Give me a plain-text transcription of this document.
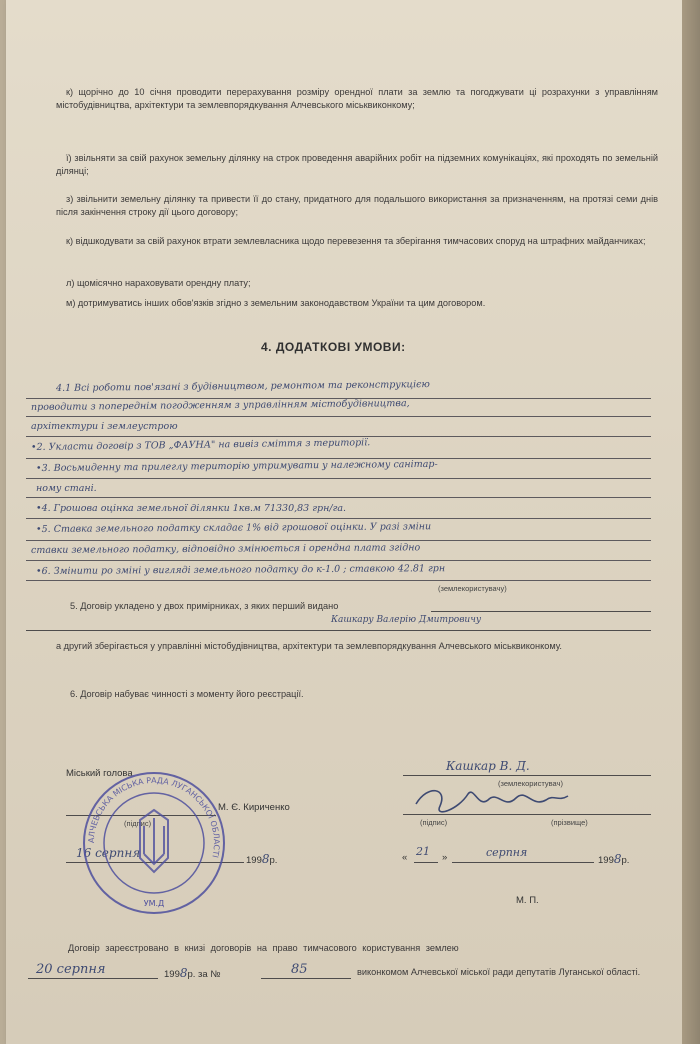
к) щорічно до 10 січня проводити перерахування розміру орендної плати за землю та погоджувати ці розрахунки з управлінням містобудівництва, архітектури та землевпорядкування Алчевського міськвиконкому;
ї) звільняти за свій рахунок земельну ділянку на строк проведення аварійних робіт на підземних комунікаціях, які проходять по земельній ділянці;
з) звільнити земельну ділянку та привести її до стану, придатного для подальшого використання за призначенням, на протязі семи днів після закінчення строку дії цього договору;
к) відшкодувати за свій рахунок втрати землевласника щодо перевезення та зберігання тимчасових споруд на штрафних майданчиках;
л) щомісячно нараховувати орендну плату;
м) дотримуватись інших обов'язків згідно з земельним законодавством України та цим договором.
4. ДОДАТКОВІ УМОВИ:
4.1 Всі роботи пов'язані з будівництвом, ремонтом та реконструкцією
проводити з попереднім погодженням з управлінням містобудівництва,
архітектури і землеустрою
•2. Укласти договір з ТОВ „ФАУНА" на вивіз сміття з території.
•3. Восьмиденну та прилеглу територію утримувати у належному санітар-
ному стані.
•4. Грошова оцінка земельної ділянки 1кв.м 71330,83 грн/га.
•5. Ставка земельного податку складає 1% від грошової оцінки. У разі зміни
ставки земельного податку, відповідно змінюється і орендна плата згідно
•6. Змінити ро зміні у вигляді земельного податку до к-1.0 ; ставкою 42.81 грн
5. Договір укладено у двох примірниках, з яких перший видано
Кашкару Валерію Дмитровичу
(землекористувачу)
а другий зберігається у управлінні містобудівництва, архітектури та землевпорядкування Алчевського міськвиконкому.
6. Договір набуває чинності з моменту його реєстрації.
Міський голова
М. Є. Кириченко
(підпис)
16 серпня
1998р.
АЛЧЕВСЬКА МІСЬКА РАДА ЛУГАНСЬКОЇ ОБЛАСТІ
УМ.Д
Кашкар В. Д.
(землекористувач)
(підпис)	(прізвище)
« 21 »	серпня
1998р.
М. П.
Договір зареєстровано в книзі договорів на право тимчасового користування землею
20 серпня	1998р. за №	85	виконкомом Алчевської міської ради депутатів Луганської області.
